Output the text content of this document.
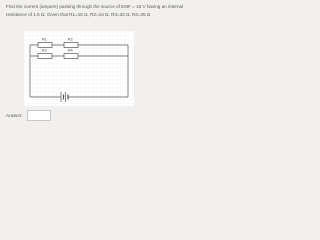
Find the current (ampere) passing through the source of EMF = 18 V having an internal resistance of 1.5 Ω. Given that R1=15 Ω, R2=16 Ω, R3=33 Ω, R4=35 Ω
R1	R2
R3	R4
Answer:
